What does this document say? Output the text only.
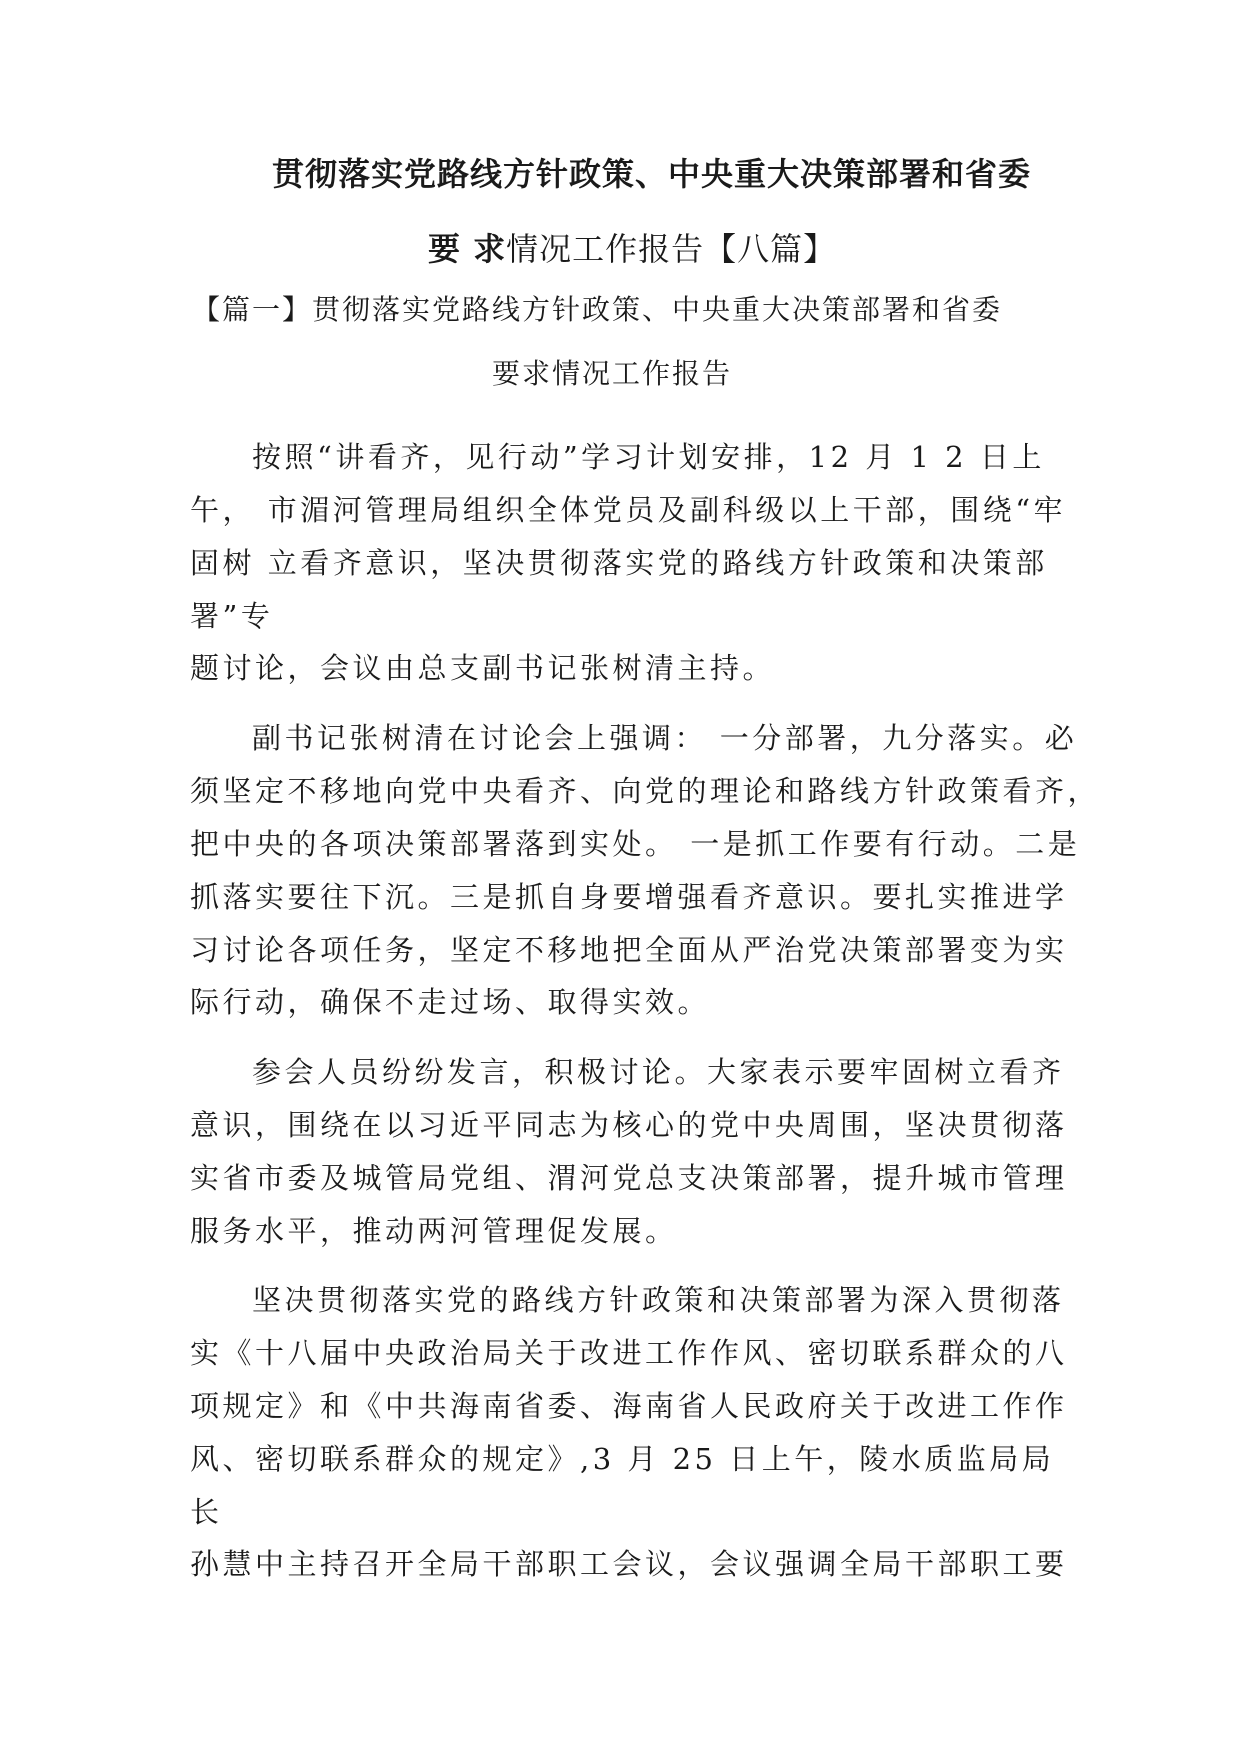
贯彻落实党路线方针政策、中央重大决策部署和省委
要 求情况工作报告【八篇】
【篇一】贯彻落实党路线方针政策、中央重大决策部署和省委
要求情况工作报告
按照“讲看齐，见行动”学习计划安排，12 月 1 2 日上
午， 市湄河管理局组织全体党员及副科级以上干部，围绕“牢
固树 立看齐意识，坚决贯彻落实党的路线方针政策和决策部
署”专
题讨论，会议由总支副书记张树清主持。
副书记张树清在讨论会上强调： 一分部署，九分落实。必
须坚定不移地向党中央看齐、向党的理论和路线方针政策看齐，
把中央的各项决策部署落到实处。 一是抓工作要有行动。二是
抓落实要往下沉。三是抓自身要增强看齐意识。要扎实推进学
习讨论各项任务，坚定不移地把全面从严治党决策部署变为实
际行动，确保不走过场、取得实效。
参会人员纷纷发言，积极讨论。大家表示要牢固树立看齐
意识，围绕在以习近平同志为核心的党中央周围，坚决贯彻落
实省市委及城管局党组、渭河党总支决策部署，提升城市管理
服务水平，推动两河管理促发展。
坚决贯彻落实党的路线方针政策和决策部署为深入贯彻落
实《十八届中央政治局关于改进工作作风、密切联系群众的八
项规定》和《中共海南省委、海南省人民政府关于改进工作作
风、密切联系群众的规定》,3 月 25 日上午，陵水质监局局
长
孙慧中主持召开全局干部职工会议，会议强调全局干部职工要
